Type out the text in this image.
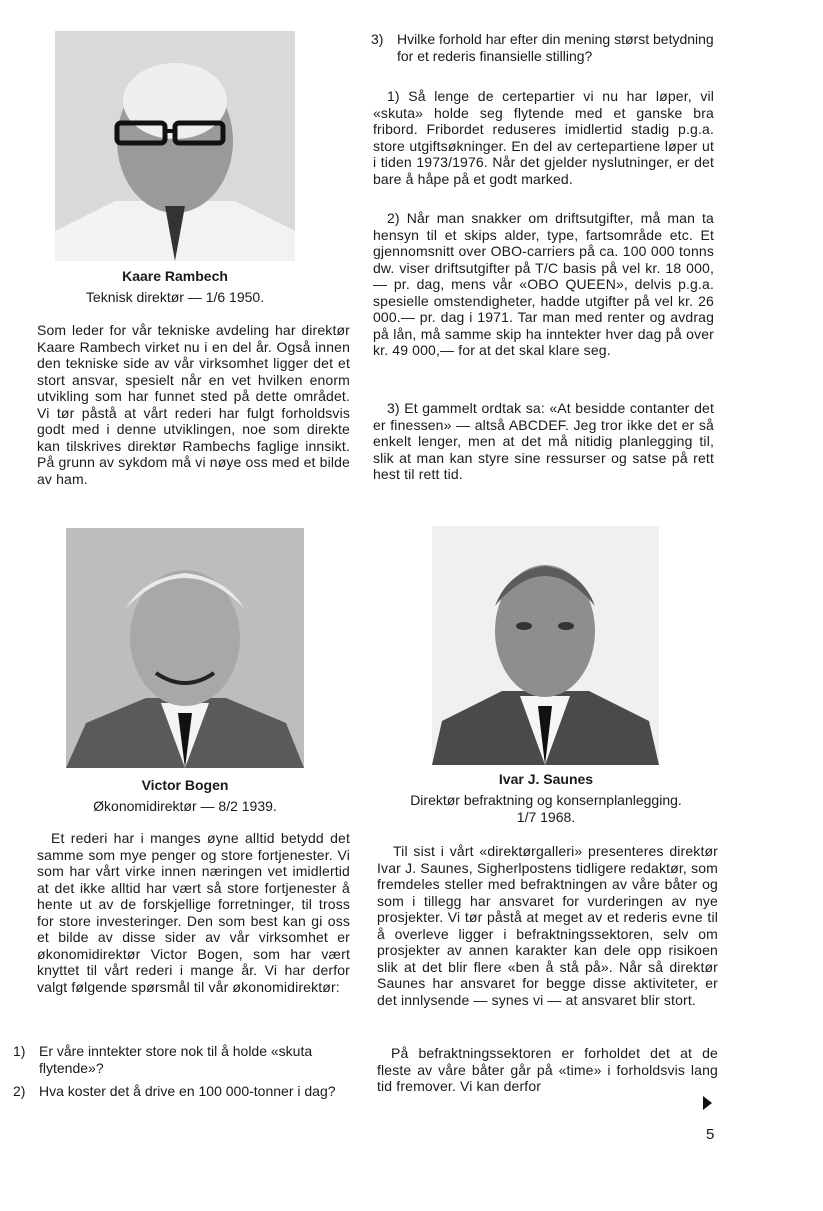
Kaare Rambech
Teknisk direktør — 1/6 1950.

Som leder for vår tekniske avdeling har direktør Kaare Rambech virket nu i en del år. Også innen den tekniske side av vår virksomhet ligger det et stort ansvar, spesielt når en vet hvilken enorm utvikling som har funnet sted på dette området. Vi tør påstå at vårt rederi har fulgt forholdsvis godt med i denne utviklingen, noe som direkte kan tilskrives direktør Rambechs faglige innsikt. På grunn av sykdom må vi nøye oss med et bilde av ham.

Victor Bogen
Økonomidirektør — 8/2 1939.

Et rederi har i manges øyne alltid betydd det samme som mye penger og store fortjenester. Vi som har vårt virke innen næringen vet imidlertid at det ikke alltid har vært så store fortjenester å hente ut av de forskjellige forretninger, til tross for store investeringer. Den som best kan gi oss et bilde av disse sider av vår virksomhet er økonomidirektør Victor Bogen, som har vært knyttet til vårt rederi i mange år. Vi har derfor valgt følgende spørsmål til vår økonomidirektør:

1) Er våre inntekter store nok til å holde «skuta flytende»?
2) Hva koster det å drive en 100 000-tonner i dag?
3) Hvilke forhold har efter din mening størst betydning for et rederis finansielle stilling?

1) Så lenge de certepartier vi nu har løper, vil «skuta» holde seg flytende med et ganske bra fribord. Fribordet reduseres imidlertid stadig p.g.a. store utgiftsøkninger. En del av certepartiene løper ut i tiden 1973/1976. Når det gjelder nyslutninger, er det bare å håpe på et godt marked.

2) Når man snakker om driftsutgifter, må man ta hensyn til et skips alder, type, fartsområde etc. Et gjennomsnitt over OBO-carriers på ca. 100 000 tonns dw. viser driftsutgifter på T/C basis på vel kr. 18 000,— pr. dag, mens vår «OBO QUEEN», delvis p.g.a. spesielle omstendigheter, hadde utgifter på vel kr. 26 000.— pr. dag i 1971. Tar man med renter og avdrag på lån, må samme skip ha inntekter hver dag på over kr. 49 000,— for at det skal klare seg.

3) Et gammelt ordtak sa: «At besidde contanter det er finessen» — altså ABCDEF. Jeg tror ikke det er så enkelt lenger, men at det må nitidig planlegging til, slik at man kan styre sine ressurser og satse på rett hest til rett tid.

Ivar J. Saunes
Direktør befraktning og konsernplanlegging.
1/7 1968.

Til sist i vårt «direktørgalleri» presenteres direktør Ivar J. Saunes, Sigherlpostens tidligere redaktør, som fremdeles steller med befraktningen av våre båter og som i tillegg har ansvaret for vurderingen av nye prosjekter. Vi tør påstå at meget av et rederis evne til å overleve ligger i befraktningssektoren, selv om prosjekter av annen karakter kan dele opp risikoen slik at det blir flere «ben å stå på». Når så direktør Saunes har ansvaret for begge disse aktiviteter, er det innlysende — synes vi — at ansvaret blir stort.

På befraktningssektoren er forholdet det at de fleste av våre båter går på «time» i forholdsvis lang tid fremover. Vi kan derfor

5
